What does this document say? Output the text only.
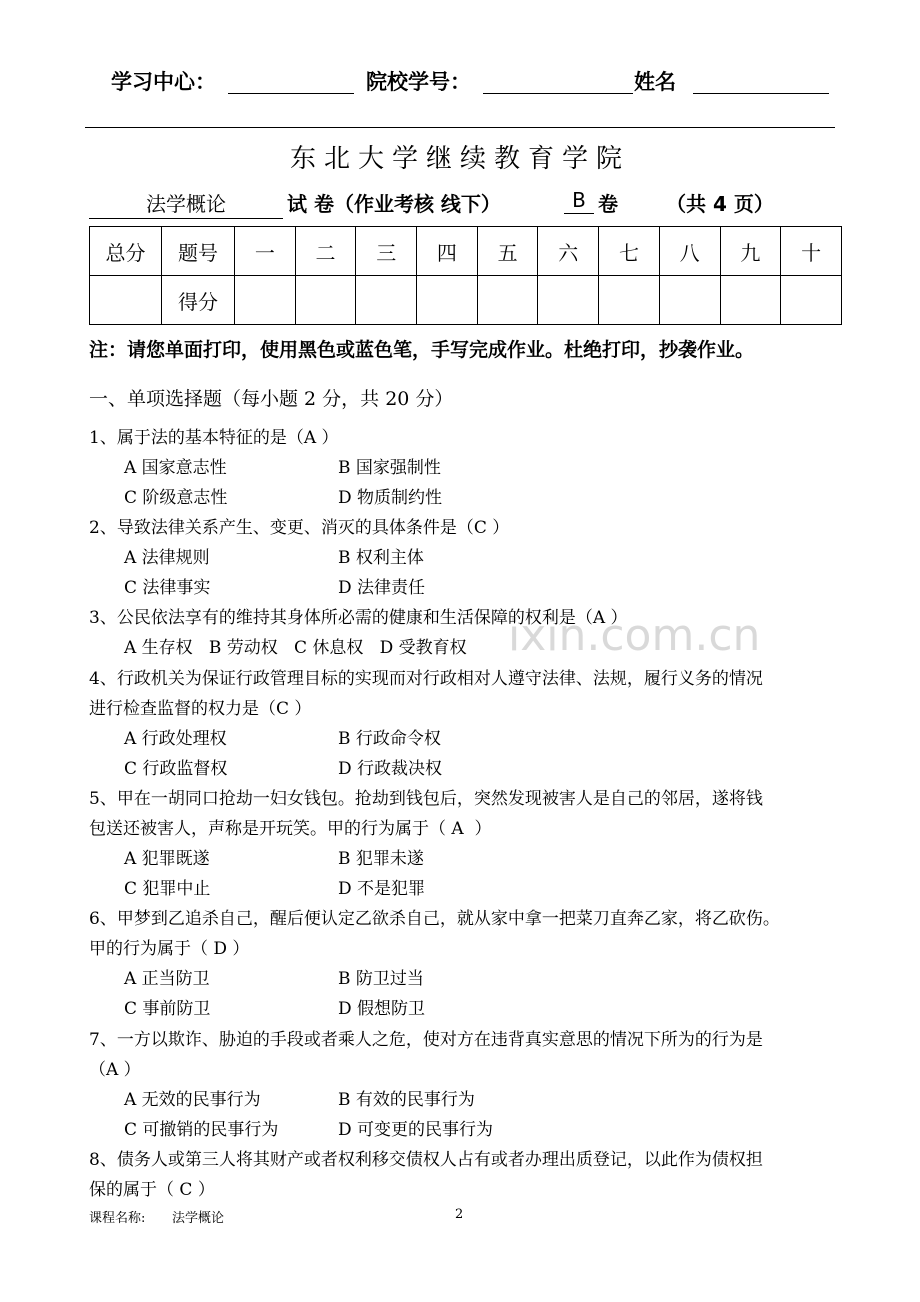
学习中心：	院校学号：	姓名
东北大学继续教育学院
法学概论	试 卷（作业考核 线下）	B 卷 （共 4 页）
总分	题号	一	二	三	四	五	六	七	八	九	十
	得分										
注：请您单面打印，使用黑色或蓝色笔，手写完成作业。杜绝打印，抄袭作业。
一、单项选择题（每小题 2 分，共 20 分）
ixin.com.cn
1、属于法的基本特征的是（A ）
A 国家意志性	B 国家强制性
C 阶级意志性	D 物质制约性
2、导致法律关系产生、变更、消灭的具体条件是（C ）
A 法律规则	B 权利主体
C 法律事实	D 法律责任
3、公民依法享有的维持其身体所必需的健康和生活保障的权利是（A ）
A 生存权   B 劳动权   C 休息权   D 受教育权
4、行政机关为保证行政管理目标的实现而对行政相对人遵守法律、法规，履行义务的情况
进行检查监督的权力是（C ）
A 行政处理权	B 行政命令权
C 行政监督权	D 行政裁决权
5、甲在一胡同口抢劫一妇女钱包。抢劫到钱包后，突然发现被害人是自己的邻居，遂将钱
包送还被害人，声称是开玩笑。甲的行为属于（ A  ）
A 犯罪既遂	B 犯罪未遂
C 犯罪中止	D 不是犯罪
6、甲梦到乙追杀自己，醒后便认定乙欲杀自己，就从家中拿一把菜刀直奔乙家，将乙砍伤。
甲的行为属于（ D ）
A 正当防卫	B 防卫过当
C 事前防卫	D 假想防卫
7、一方以欺诈、胁迫的手段或者乘人之危，使对方在违背真实意思的情况下所为的行为是
（A ）
A 无效的民事行为	B 有效的民事行为
C 可撤销的民事行为	D 可变更的民事行为
8、债务人或第三人将其财产或者权利移交债权人占有或者办理出质登记，以此作为债权担
保的属于（ C ）
课程名称: 法学概论	2
